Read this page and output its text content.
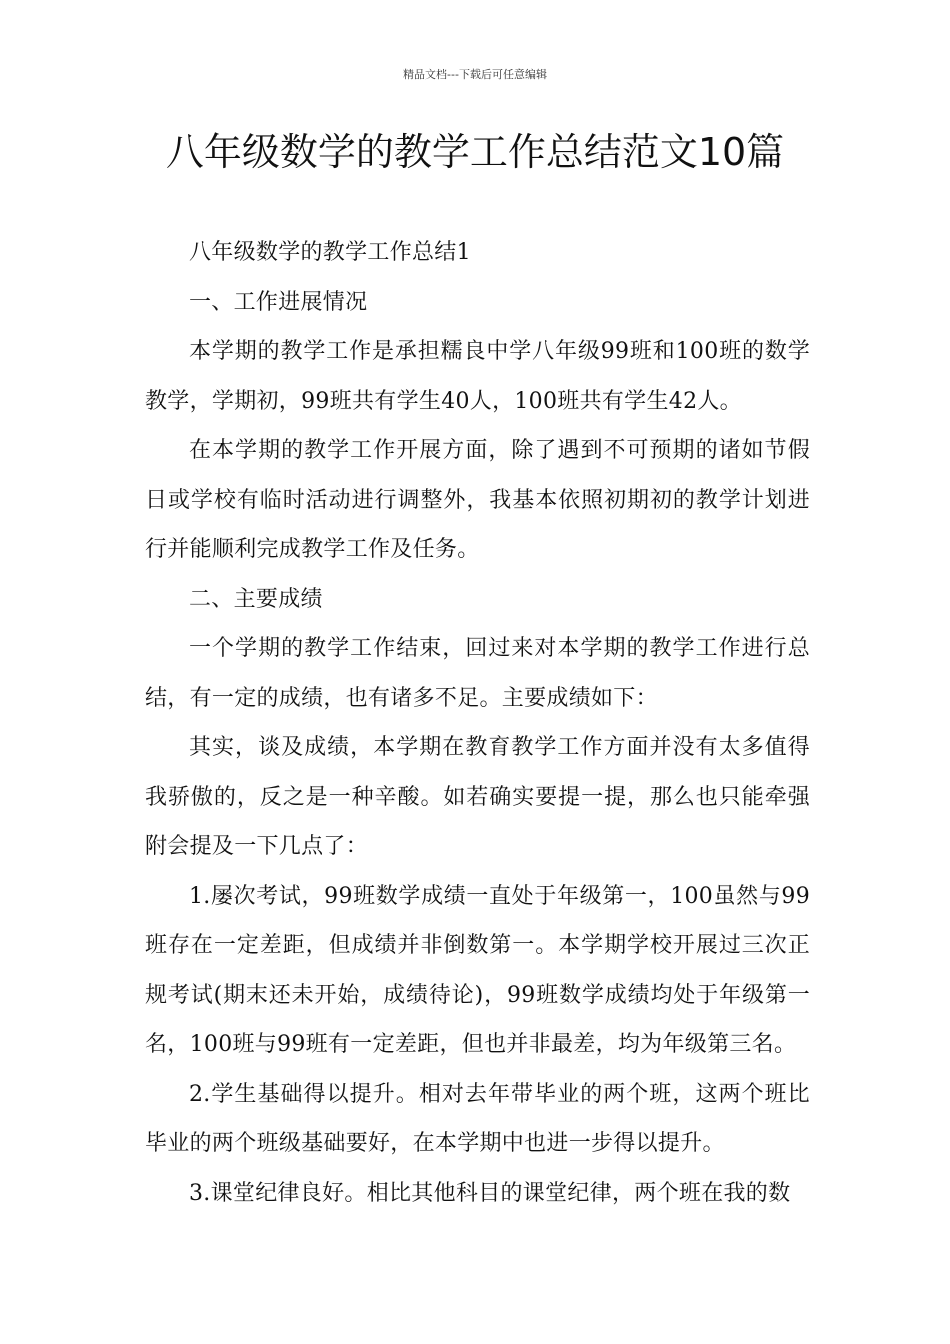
精品文档---下载后可任意编辑
八年级数学的教学工作总结范文10篇

八年级数学的教学工作总结1

一、工作进展情况

本学期的教学工作是承担糯良中学八年级99班和100班的数学教学，学期初，99班共有学生40人，100班共有学生42人。

在本学期的教学工作开展方面，除了遇到不可预期的诸如节假日或学校有临时活动进行调整外，我基本依照初期初的教学计划进行并能顺利完成教学工作及任务。

二、主要成绩

一个学期的教学工作结束，回过来对本学期的教学工作进行总结，有一定的成绩，也有诸多不足。主要成绩如下：

其实，谈及成绩，本学期在教育教学工作方面并没有太多值得我骄傲的，反之是一种辛酸。如若确实要提一提，那么也只能牵强附会提及一下几点了：

1.屡次考试，99班数学成绩一直处于年级第一，100虽然与99班存在一定差距，但成绩并非倒数第一。本学期学校开展过三次正规考试(期末还未开始，成绩待论)，99班数学成绩均处于年级第一名，100班与99班有一定差距，但也并非最差，均为年级第三名。

2.学生基础得以提升。相对去年带毕业的两个班，这两个班比毕业的两个班级基础要好，在本学期中也进一步得以提升。

3.课堂纪律良好。相比其他科目的课堂纪律，两个班在我的数
